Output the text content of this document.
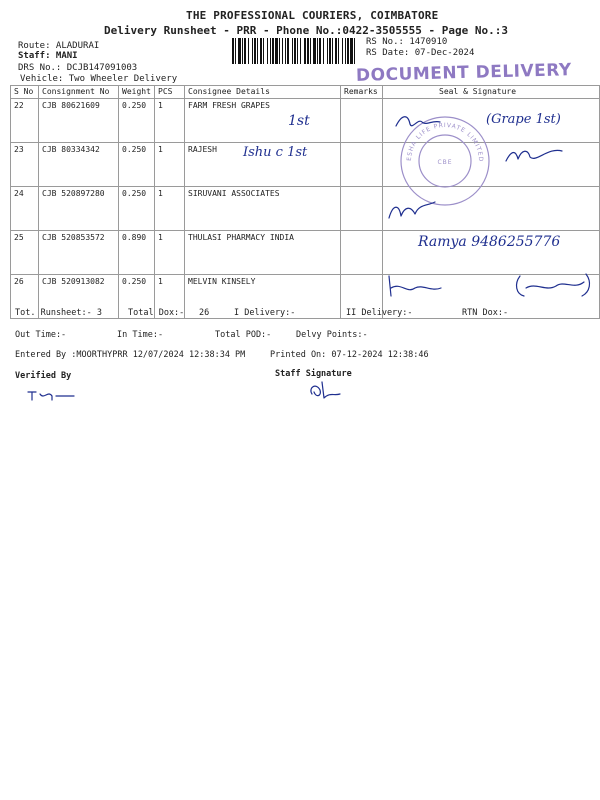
THE PROFESSIONAL COURIERS, COIMBATORE
Delivery Runsheet - PRR - Phone No.:0422-3505555 - Page No.:3
Route: ALADURAI
Staff: MANI
DRS No.: DCJB147091003
Vehicle: Two Wheeler Delivery
RS No.: 1470910
RS Date: 07-Dec-2024
DOCUMENT DELIVERY
S No	Consignment No	Weight	PCS	Consignee Details	Remarks	Seal & Signature
22	CJB 80621609	0.250	1	FARM FRESH GRAPES		
23	CJB 80334342	0.250	1	RAJESH		
24	CJB 520897280	0.250	1	SIRUVANI ASSOCIATES		
25	CJB 520853572	0.890	1	THULASI PHARMACY INDIA		
26	CJB 520913082	0.250	1	MELVIN KINSELY		
ESHA LIFE PRIVATE LIMITED
CBE
1st	(Grape 1st)
Ishu c 1st
Ramya 9486255776
Tot. Runsheet:- 3	Total Dox:- 26	I Delivery:-	II Delivery:-	RTN Dox:-
Out Time:-	In Time:-	Total POD:-	Delvy Points:-
Entered By :MOORTHYPRR 12/07/2024 12:38:34 PM	Printed On: 07-12-2024 12:38:46
Verified By	Staff Signature
